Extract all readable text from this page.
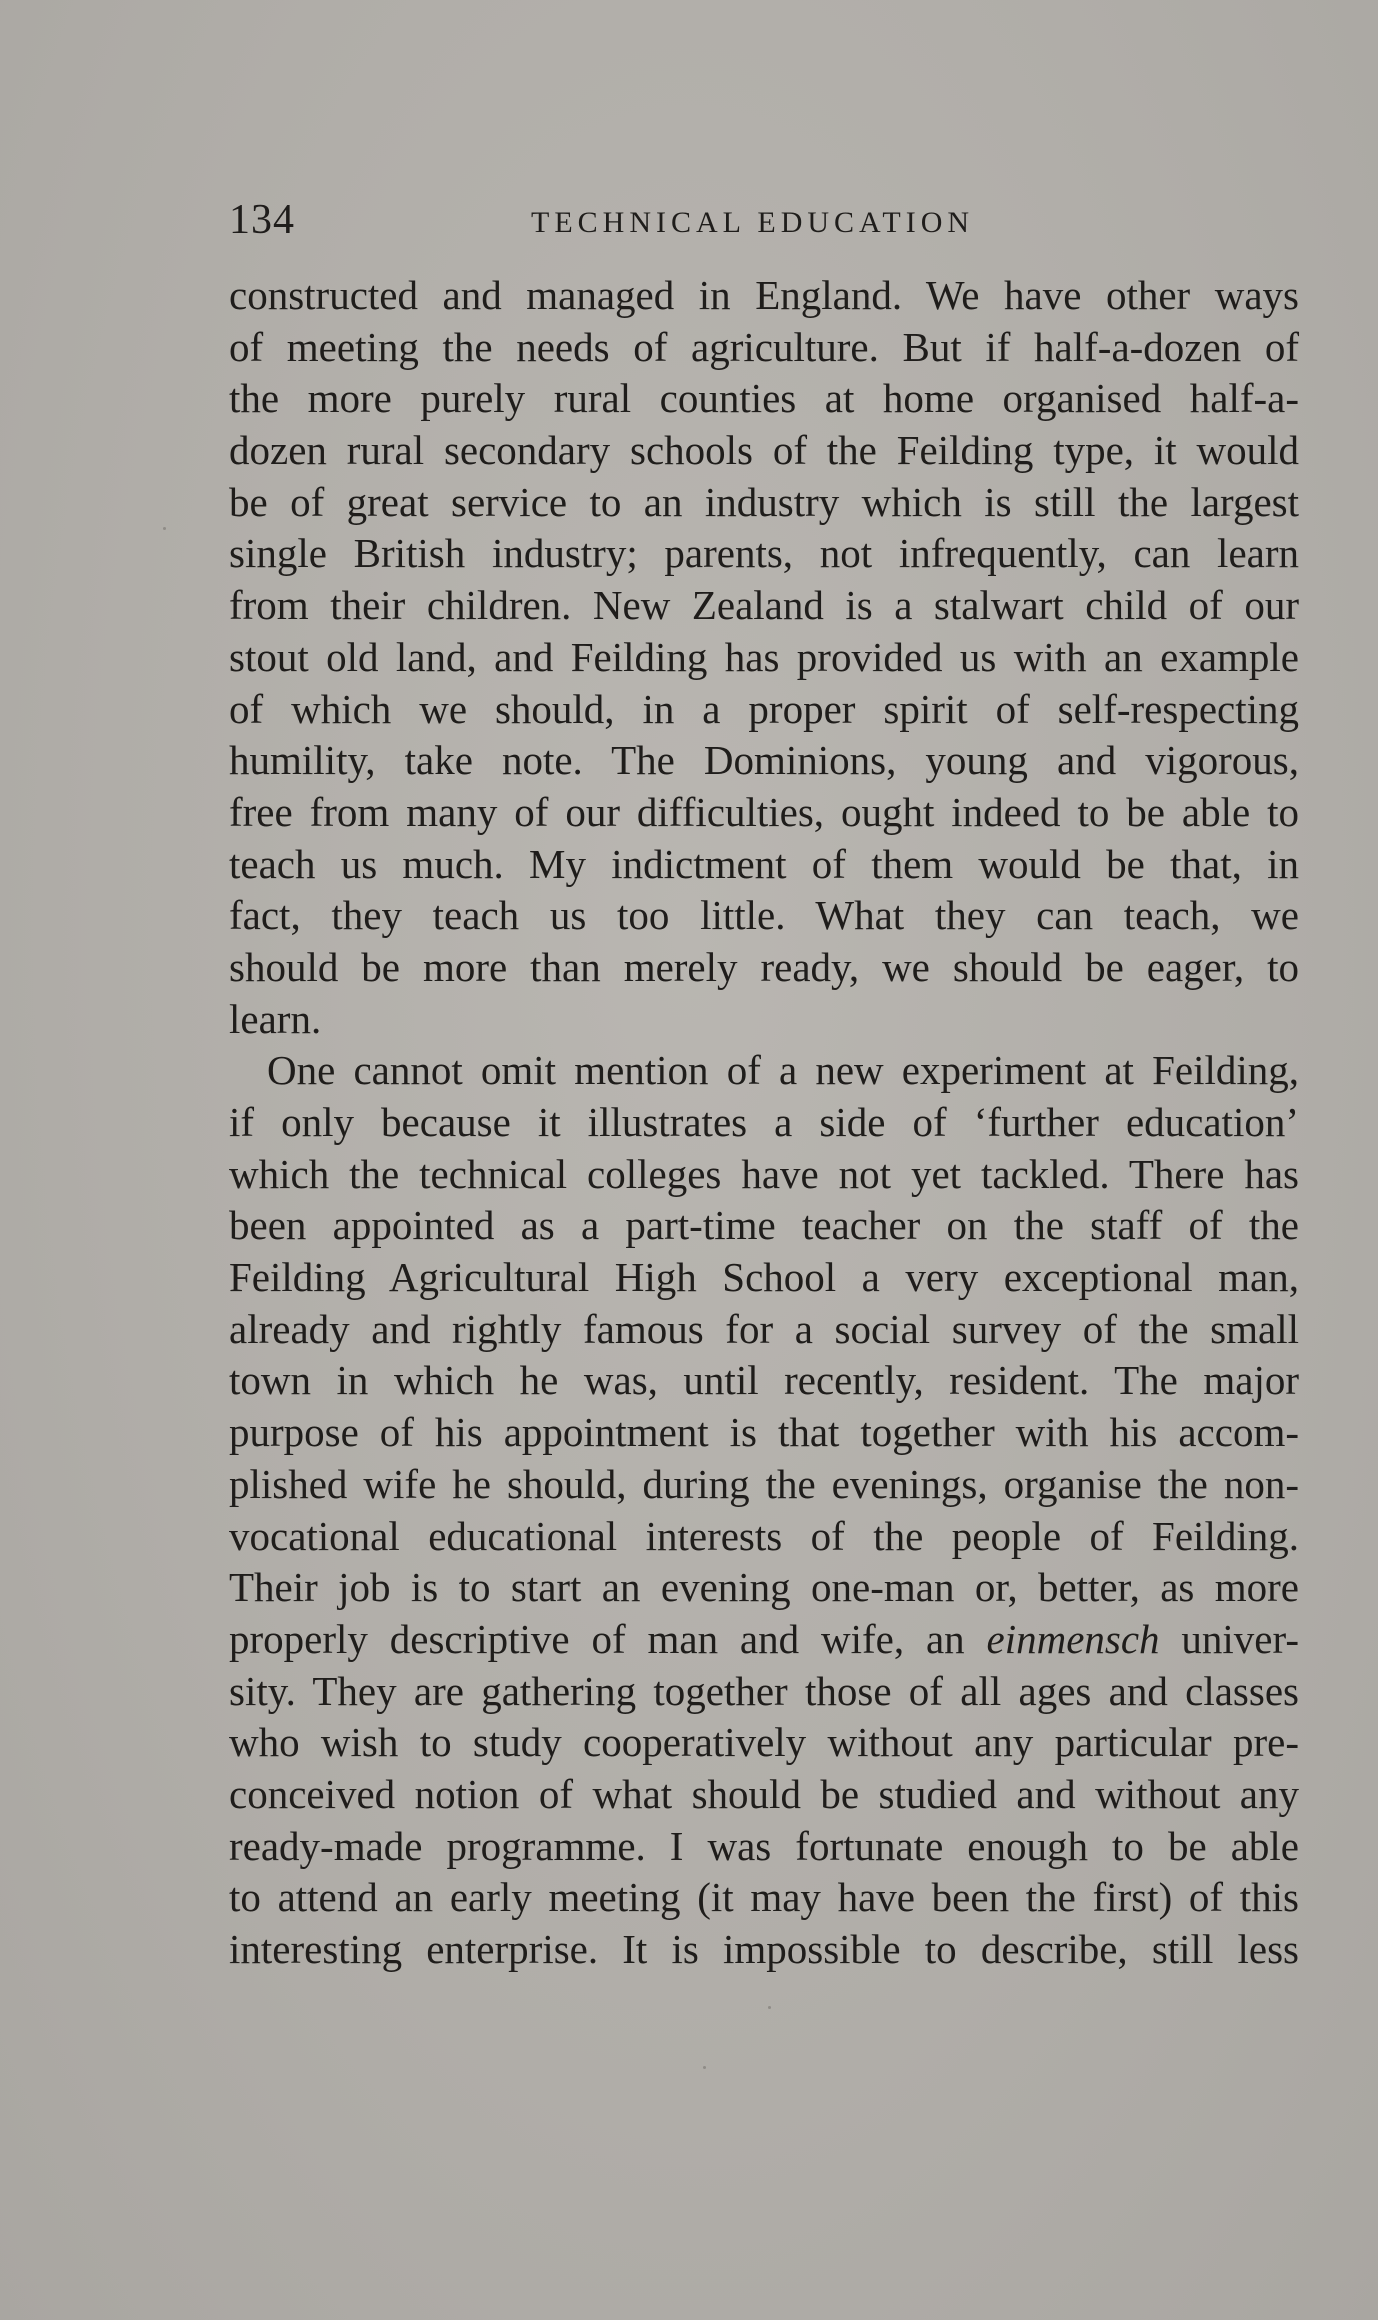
134	TECHNICAL EDUCATION
constructed and managed in England. We have other ways
of meeting the needs of agriculture. But if half-a-dozen of
the more purely rural counties at home organised half-a-
dozen rural secondary schools of the Feilding type, it would
be of great service to an industry which is still the largest
single British industry; parents, not infrequently, can learn
from their children. New Zealand is a stalwart child of our
stout old land, and Feilding has provided us with an example
of which we should, in a proper spirit of self-respecting
humility, take note. The Dominions, young and vigorous,
free from many of our difficulties, ought indeed to be able to
teach us much. My indictment of them would be that, in
fact, they teach us too little. What they can teach, we
should be more than merely ready, we should be eager, to
learn.
One cannot omit mention of a new experiment at Feilding,
if only because it illustrates a side of ‘further education’
which the technical colleges have not yet tackled. There has
been appointed as a part-time teacher on the staff of the
Feilding Agricultural High School a very exceptional man,
already and rightly famous for a social survey of the small
town in which he was, until recently, resident. The major
purpose of his appointment is that together with his accom-
plished wife he should, during the evenings, organise the non-
vocational educational interests of the people of Feilding.
Their job is to start an evening one-man or, better, as more
properly descriptive of man and wife, an einmensch univer-
sity. They are gathering together those of all ages and classes
who wish to study cooperatively without any particular pre-
conceived notion of what should be studied and without any
ready-made programme. I was fortunate enough to be able
to attend an early meeting (it may have been the first) of this
interesting enterprise. It is impossible to describe, still less
